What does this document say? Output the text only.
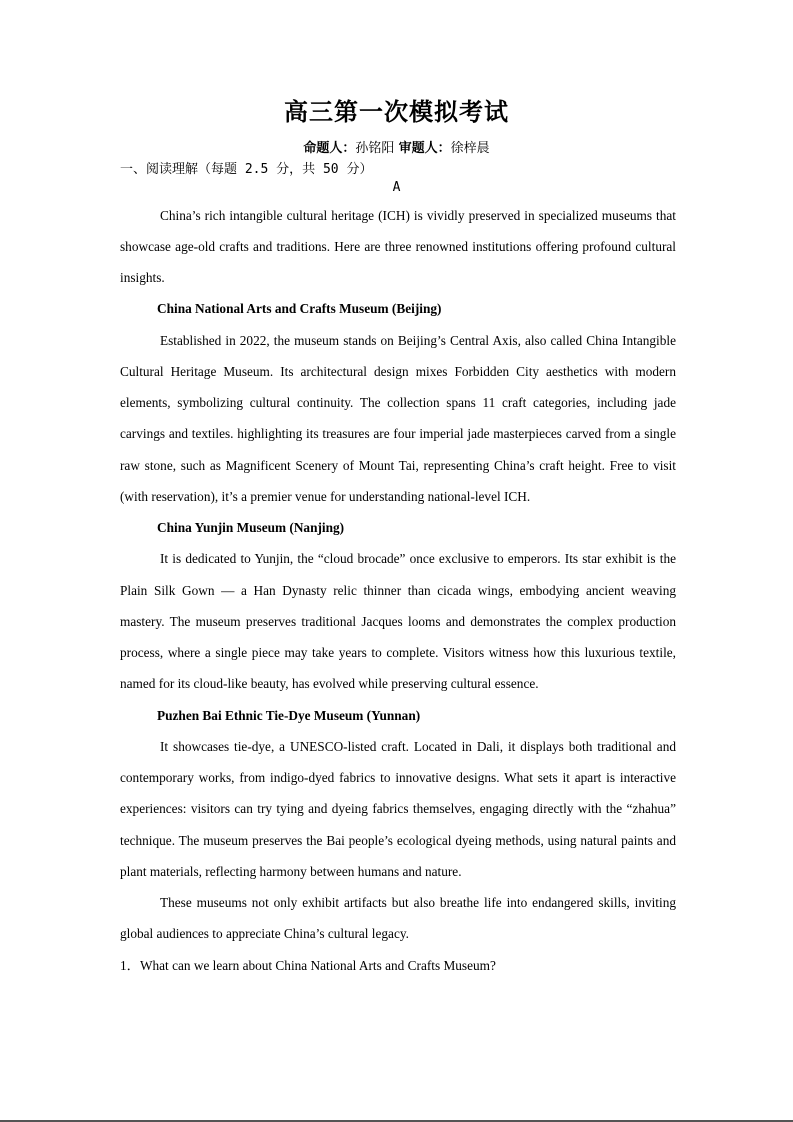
高三第一次模拟考试
命题人：孙铭阳 审题人：徐梓晨
一、阅读理解（每题 2.5 分，共 50 分）
A

China’s rich intangible cultural heritage (ICH) is vividly preserved in specialized museums that showcase age-old crafts and traditions. Here are three renowned institutions offering profound cultural insights.

China National Arts and Crafts Museum (Beijing)

Established in 2022, the museum stands on Beijing’s Central Axis, also called China Intangible Cultural Heritage Museum. Its architectural design mixes Forbidden City aesthetics with modern elements, symbolizing cultural continuity. The collection spans 11 craft categories, including jade carvings and textiles. highlighting its treasures are four imperial jade masterpieces carved from a single raw stone, such as Magnificent Scenery of Mount Tai, representing China’s craft height. Free to visit (with reservation), it’s a premier venue for understanding national-level ICH.

China Yunjin Museum (Nanjing)

It is dedicated to Yunjin, the “cloud brocade” once exclusive to emperors. Its star exhibit is the Plain Silk Gown — a Han Dynasty relic thinner than cicada wings, embodying ancient weaving mastery. The museum preserves traditional Jacques looms and demonstrates the complex production process, where a single piece may take years to complete. Visitors witness how this luxurious textile, named for its cloud-like beauty, has evolved while preserving cultural essence.

Puzhen Bai Ethnic Tie-Dye Museum (Yunnan)

It showcases tie-dye, a UNESCO-listed craft. Located in Dali, it displays both traditional and contemporary works, from indigo-dyed fabrics to innovative designs. What sets it apart is interactive experiences: visitors can try tying and dyeing fabrics themselves, engaging directly with the “zhahua” technique. The museum preserves the Bai people’s ecological dyeing methods, using natural paints and plant materials, reflecting harmony between humans and nature.

These museums not only exhibit artifacts but also breathe life into endangered skills, inviting global audiences to appreciate China’s cultural legacy.

1．What can we learn about China National Arts and Crafts Museum?
